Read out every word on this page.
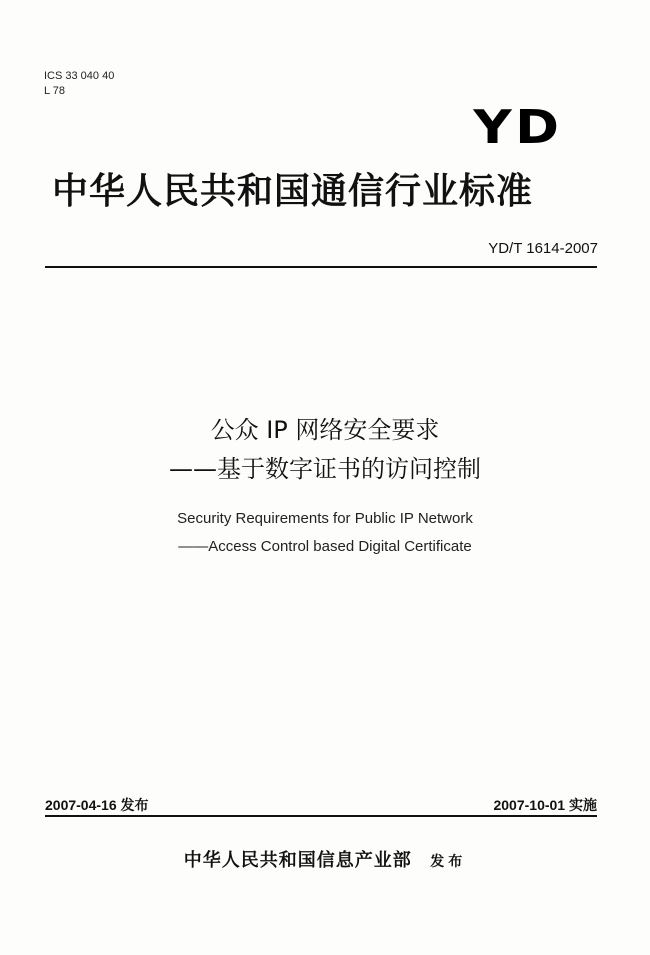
ICS 33 040 40
L 78
YD
中华人民共和国通信行业标准
YD/T 1614-2007
公众 IP 网络安全要求
——基于数字证书的访问控制
Security Requirements for Public IP Network
——Access Control based Digital Certificate
2007-04-16 发布	2007-10-01 实施
中华人民共和国信息产业部 发布
